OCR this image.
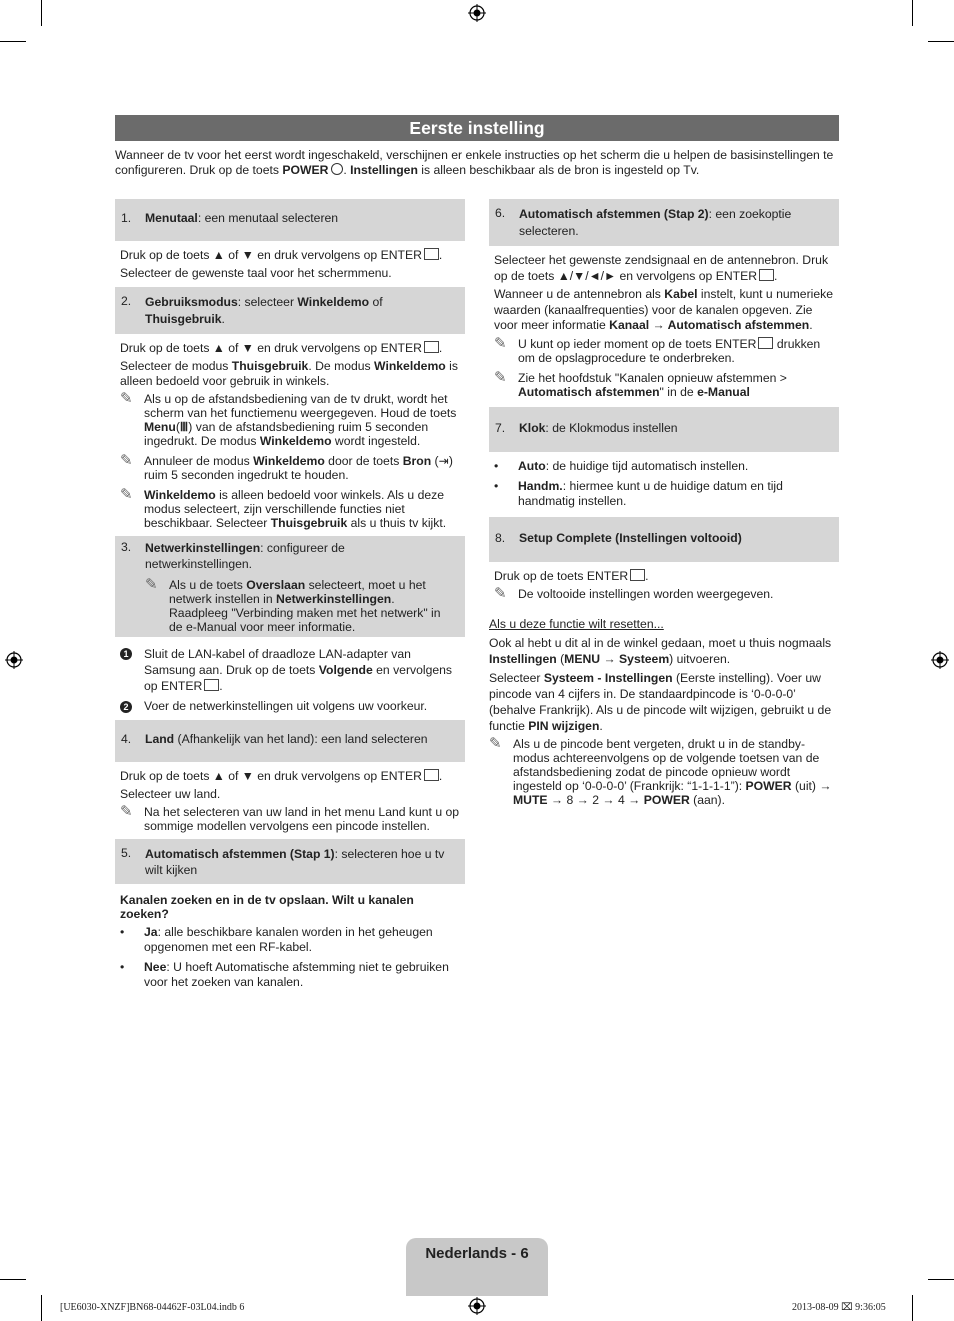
Eerste instelling
Wanneer de tv voor het eerst wordt ingeschakeld, verschijnen er enkele instructies op het scherm die u helpen de basisinstellingen te configureren. Druk op de toets POWER . Instellingen is alleen beschikbaar als de bron is ingesteld op Tv.
1.	Menutaal: een menutaal selecteren

Druk op de toets ▲ of ▼ en druk vervolgens op ENTER .

Selecteer de gewenste taal voor het schermmenu.

2.	Gebruiksmodus: selecteer Winkeldemo of
Thuisgebruik.

Druk op de toets ▲ of ▼ en druk vervolgens op ENTER .

Selecteer de modus Thuisgebruik. De modus Winkeldemo is alleen bedoeld voor gebruik in winkels.

✎ Als u op de afstandsbediening van de tv drukt, wordt het scherm van het functiemenu weergegeven. Houd de toets Menu(Ⅲ) van de afstandsbediening ruim 5 seconden ingedrukt. De modus Winkeldemo wordt ingesteld.
✎ Annuleer de modus Winkeldemo door de toets Bron (⇥) ruim 5 seconden ingedrukt te houden.
✎ Winkeldemo is alleen bedoeld voor winkels. Als u deze modus selecteert, zijn verschillende functies niet beschikbaar. Selecteer Thuisgebruik als u thuis tv kijkt.
3.	Netwerkinstellingen: configureer de netwerkinstellingen.
✎ Als u de toets Overslaan selecteert, moet u het netwerk instellen in Netwerkinstellingen. Raadpleeg "Verbinding maken met het netwerk" in de e-Manual voor meer informatie.
1	Sluit de LAN-kabel of draadloze LAN-adapter van Samsung aan. Druk op de toets Volgende en vervolgens op ENTER .
2	Voer de netwerkinstellingen uit volgens uw voorkeur.
4.	Land (Afhankelijk van het land): een land selecteren

Druk op de toets ▲ of ▼ en druk vervolgens op ENTER .

Selecteer uw land.

✎ Na het selecteren van uw land in het menu Land kunt u op sommige modellen vervolgens een pincode instellen.
5.	Automatisch afstemmen (Stap 1): selecteren hoe u tv wilt kijken

Kanalen zoeken en in de tv opslaan. Wilt u kanalen zoeken?

•	Ja: alle beschikbare kanalen worden in het geheugen opgenomen met een RF-kabel.
•	Nee: U hoeft Automatische afstemming niet te gebruiken voor het zoeken van kanalen.
6.	Automatisch afstemmen (Stap 2): een zoekoptie selecteren.

Selecteer het gewenste zendsignaal en de antennebron. Druk op de toets ▲/▼/◄/► en vervolgens op ENTER .

Wanneer u de antennebron als Kabel instelt, kunt u numerieke waarden (kanaalfrequenties) voor de kanalen opgeven. Zie voor meer informatie Kanaal → Automatisch afstemmen.

✎ U kunt op ieder moment op de toets ENTER drukken om de opslagprocedure te onderbreken.
✎ Zie het hoofdstuk "Kanalen opnieuw afstemmen > Automatisch afstemmen" in de e-Manual
7.	Klok: de Klokmodus instellen
•	Auto: de huidige tijd automatisch instellen.
•	Handm.: hiermee kunt u de huidige datum en tijd handmatig instellen.
8.	Setup Complete (Instellingen voltooid)

Druk op de toets ENTER .

✎ De voltooide instellingen worden weergegeven.

Als u deze functie wilt resetten...

Ook al hebt u dit al in de winkel gedaan, moet u thuis nogmaals Instellingen (MENU → Systeem) uitvoeren.

Selecteer Systeem - Instellingen (Eerste instelling). Voer uw pincode van 4 cijfers in. De standaardpincode is ‘0-0-0-0’ (behalve Frankrijk). Als u de pincode wilt wijzigen, gebruikt u de functie PIN wijzigen.

✎ Als u de pincode bent vergeten, drukt u in de standby-modus achtereenvolgens op de volgende toetsen van de afstandsbediening zodat de pincode opnieuw wordt ingesteld op ‘0-0-0-0’ (Frankrijk: “1-1-1-1”): POWER (uit) → MUTE → 8 → 2 → 4 → POWER (aan).
Nederlands - 6
[UE6030-XNZF]BN68-04462F-03L04.indb 6	2013-08-09 ⌧ 9:36:05
